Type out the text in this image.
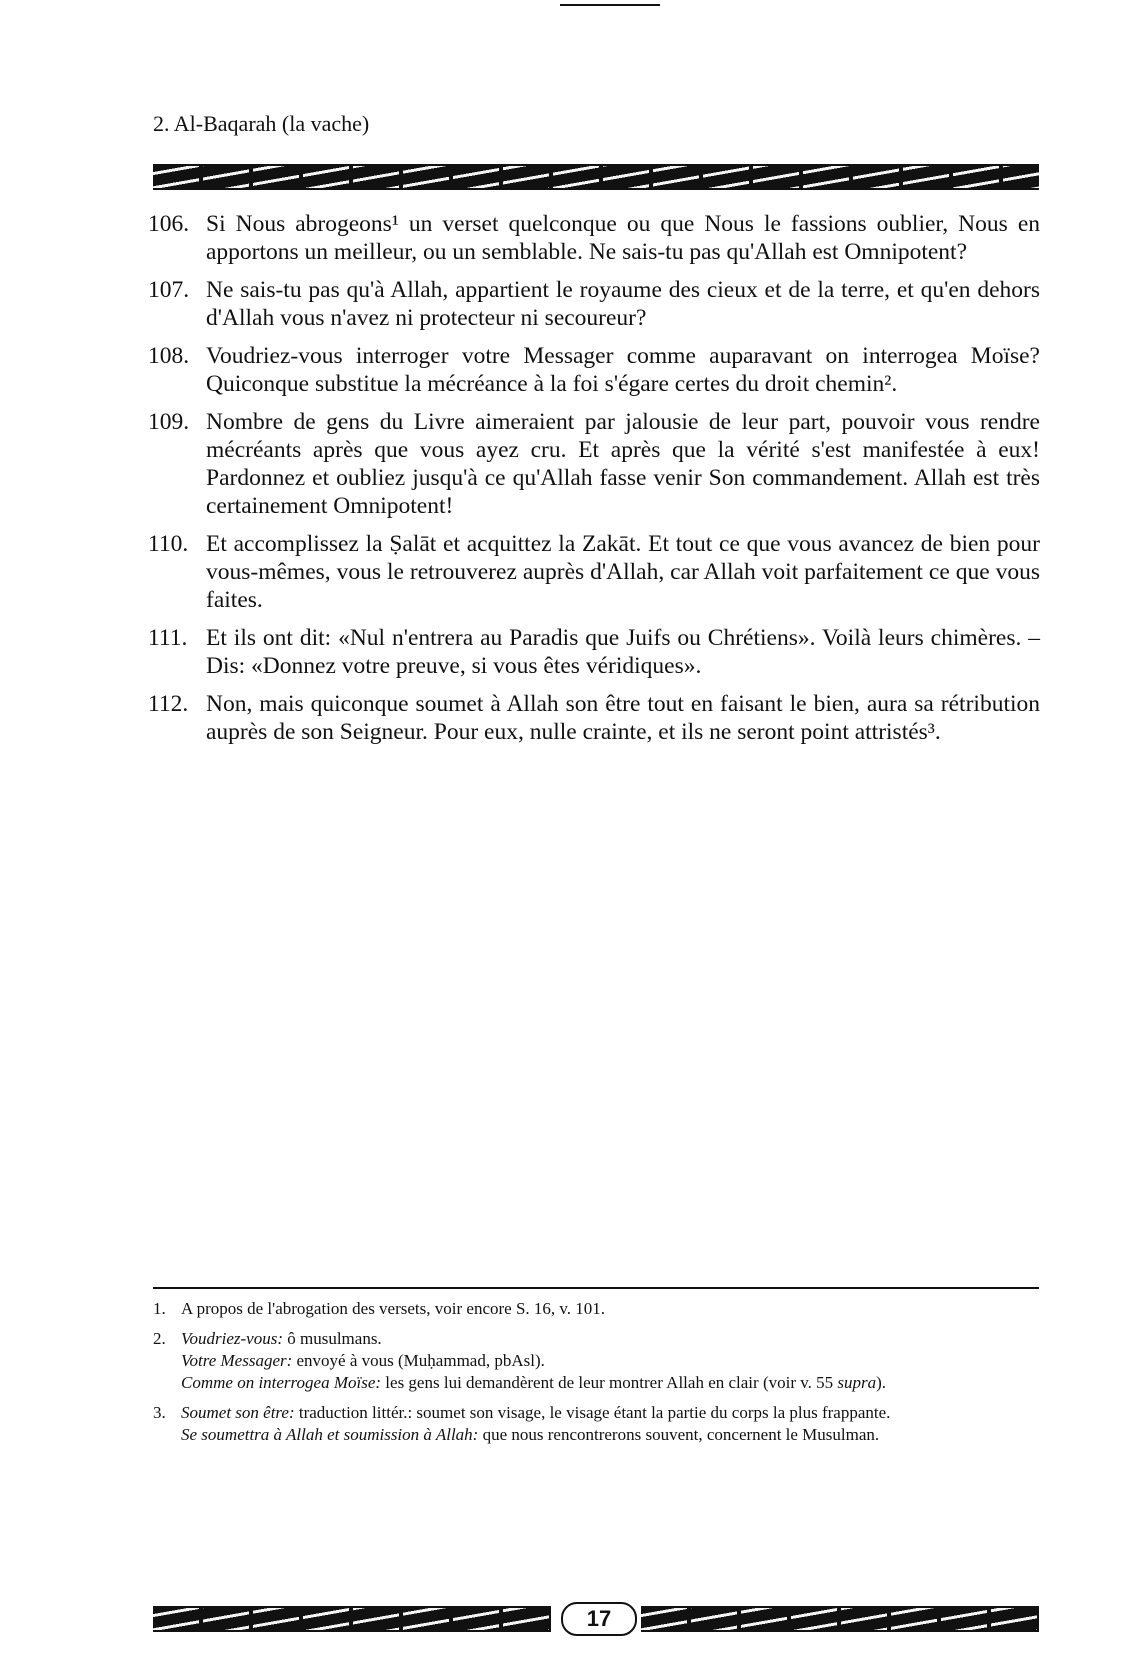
2. Al-Baqarah (la vache)
106. Si Nous abrogeons¹ un verset quelconque ou que Nous le fassions oublier, Nous en apportons un meilleur, ou un semblable. Ne sais-tu pas qu'Allah est Omnipotent?
107. Ne sais-tu pas qu'à Allah, appartient le royaume des cieux et de la terre, et qu'en dehors d'Allah vous n'avez ni protecteur ni secoureur?
108. Voudriez-vous interroger votre Messager comme auparavant on interrogea Moïse? Quiconque substitue la mécréance à la foi s'égare certes du droit chemin².
109. Nombre de gens du Livre aimeraient par jalousie de leur part, pouvoir vous rendre mécréants après que vous ayez cru. Et après que la vérité s'est manifestée à eux! Pardonnez et oubliez jusqu'à ce qu'Allah fasse venir Son commandement. Allah est très certainement Omnipotent!
110. Et accomplissez la Ṣalāt et acquittez la Zakāt. Et tout ce que vous avancez de bien pour vous-mêmes, vous le retrouverez auprès d'Allah, car Allah voit parfaitement ce que vous faites.
111. Et ils ont dit: «Nul n'entrera au Paradis que Juifs ou Chrétiens». Voilà leurs chimères. – Dis: «Donnez votre preuve, si vous êtes véridiques».
112. Non, mais quiconque soumet à Allah son être tout en faisant le bien, aura sa rétribution auprès de son Seigneur. Pour eux, nulle crainte, et ils ne seront point attristés³.
1. A propos de l'abrogation des versets, voir encore S. 16, v. 101.
2. Voudriez-vous: ô musulmans.
Votre Messager: envoyé à vous (Muḥammad, pbAsl).
Comme on interrogea Moïse: les gens lui demandèrent de leur montrer Allah en clair (voir v. 55 supra).
3. Soumet son être: traduction littér.: soumet son visage, le visage étant la partie du corps la plus frappante.
Se soumettra à Allah et soumission à Allah: que nous rencontrerons souvent, concernent le Musulman.
17
